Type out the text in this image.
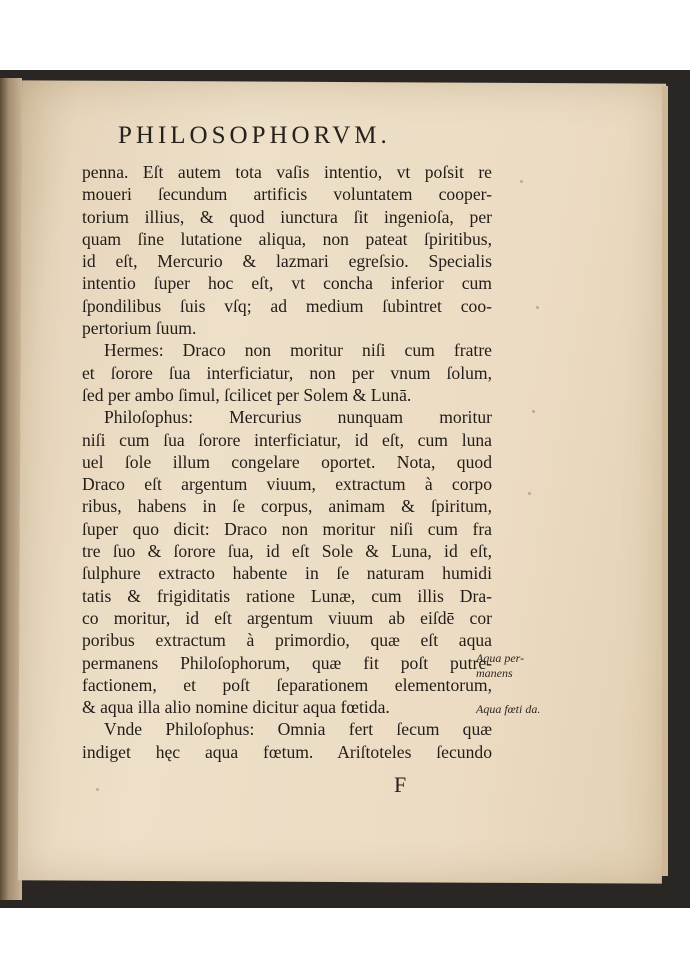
PHILOSOPHORVM.
penna. Eſt autem tota vaſis intentio, vt poſsit re
moueri ſecundum artificis voluntatem cooper-
torium illius, & quod iunctura ſit ingenioſa, per
quam ſine lutatione aliqua, non pateat ſpiritibus,
id eſt, Mercurio & lazmari egreſsio. Specialis
intentio ſuper hoc eſt, vt concha inferior cum
ſpondilibus ſuis vſq; ad medium ſubintret coo-
pertorium ſuum.
Hermes: Draco non moritur niſi cum fratre
et ſorore ſua interficiatur, non per vnum ſolum,
ſed per ambo ſimul, ſcilicet per Solem & Lunā.
Philoſophus: Mercurius nunquam moritur
niſi cum ſua ſorore interficiatur, id eſt, cum luna
uel ſole illum congelare oportet. Nota, quod
Draco eſt argentum viuum, extractum à corpo
ribus, habens in ſe corpus, animam & ſpiritum,
ſuper quo dicit: Draco non moritur niſi cum fra
tre ſuo & ſorore ſua, id eſt Sole & Luna, id eſt,
ſulphure extracto habente in ſe naturam humidi
tatis & frigiditatis ratione Lunæ, cum illis Dra-
co moritur, id eſt argentum viuum ab eiſdē cor
poribus extractum à primordio, quæ eſt aqua
permanens Philoſophorum, quæ fit poſt putre-
factionem, et poſt ſeparationem elementorum,
& aqua illa alio nomine dicitur aqua fœtida.
Vnde Philoſophus: Omnia fert ſecum quæ
indiget hęc aqua fœtum. Ariſtoteles ſecundo
Aqua per- manens
Aqua fœti da.
F
